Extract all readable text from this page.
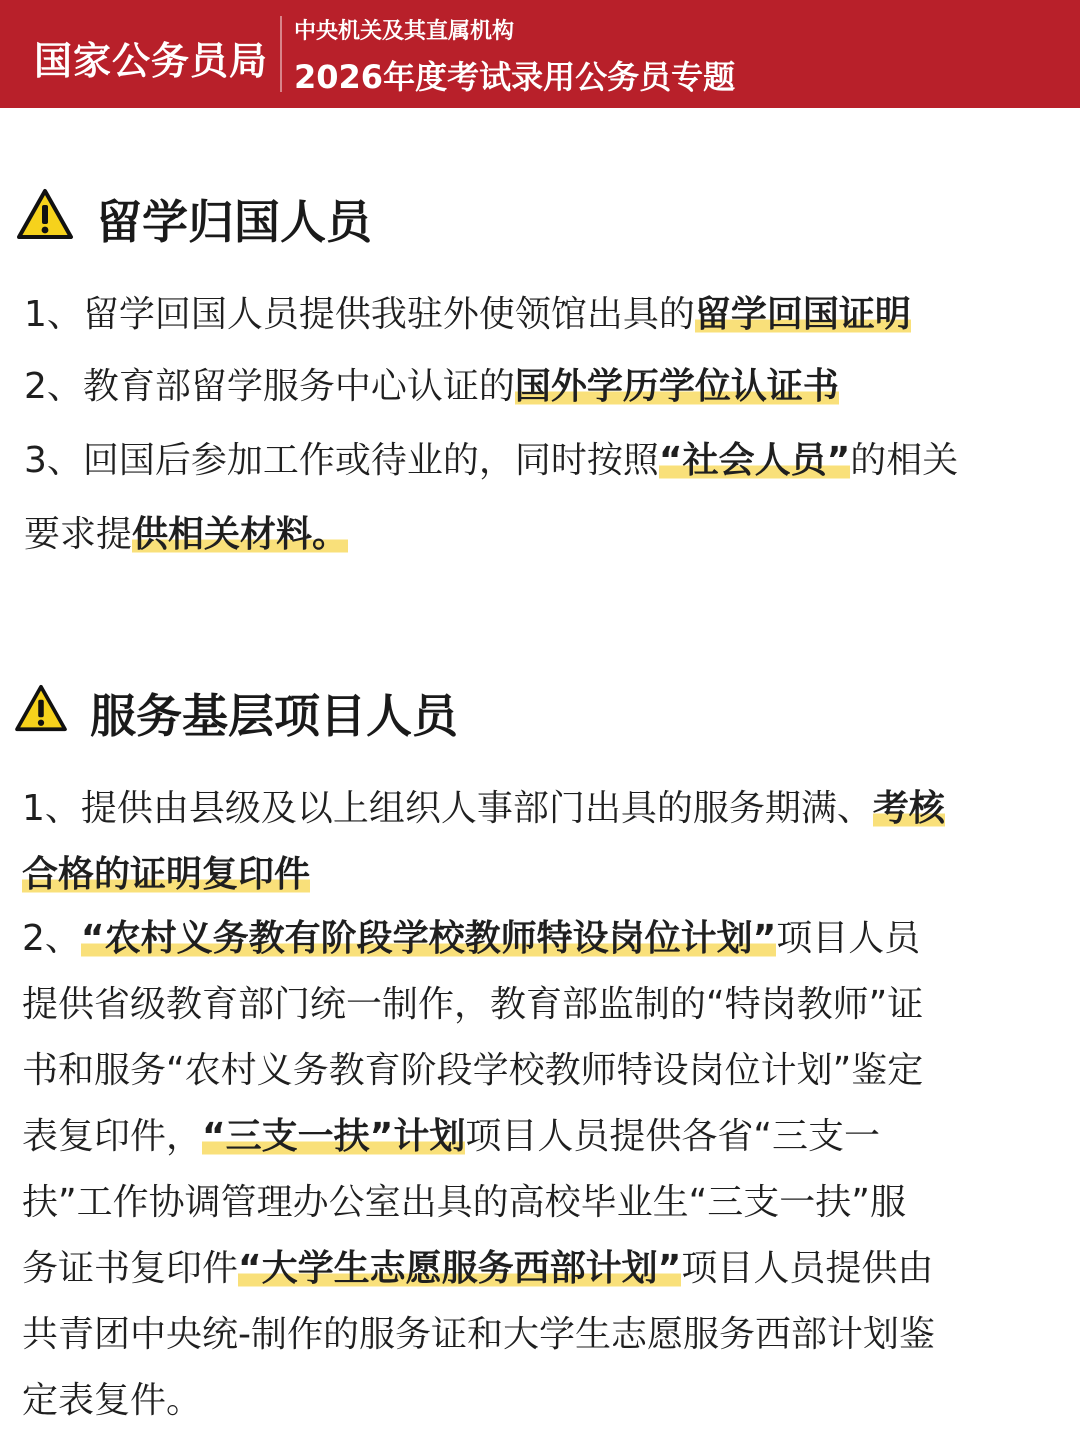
国家公务员局
中央机关及其直属机构
2026年度考试录用公务员专题
留学归国人员
1、留学回国人员提供我驻外使领馆出具的留学回国证明
2、教育部留学服务中心认证的国外学历学位认证书
3、回国后参加工作或待业的，同时按照“社会人员”的相关
要求提供相关材料。
服务基层项目人员
1、提供由县级及以上组织人事部门出具的服务期满、考核
合格的证明复印件
2、“农村义务教有阶段学校教师特设岗位计划”项目人员
提供省级教育部门统一制作，教育部监制的“特岗教师”证
书和服务“农村义务教育阶段学校教师特设岗位计划”鉴定
表复印件，“三支一扶”计划项目人员提供各省“三支一
扶”工作协调管理办公室出具的高校毕业生“三支一扶”服
务证书复印件“大学生志愿服务西部计划”项目人员提供由
共青团中央统-制作的服务证和大学生志愿服务西部计划鉴
定表复件。
